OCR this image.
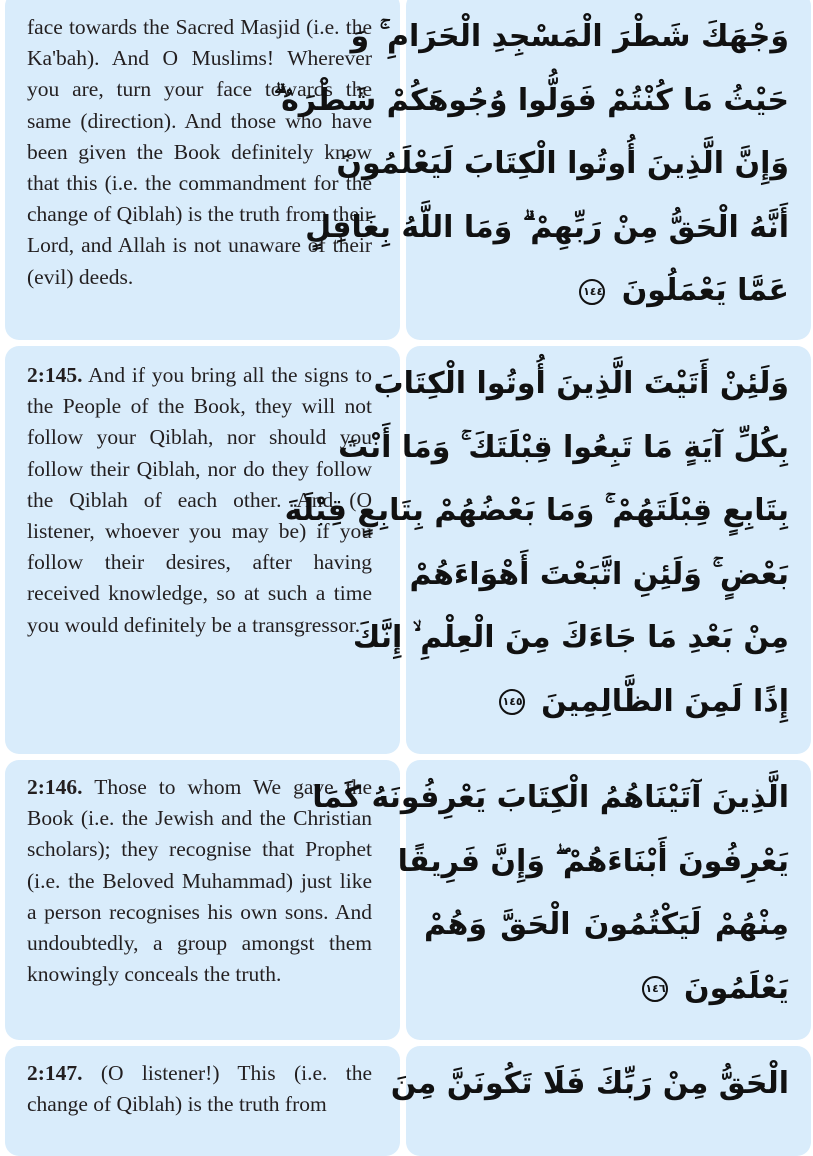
face towards the Sacred Masjid (i.e. the Ka'bah). And O Muslims! Wherever you are, turn your face towards the same (direction). And those who have been given the Book definitely know that this (i.e. the commandment for the change of Qiblah) is the truth from their Lord, and Allah is not unaware of their (evil) deeds.
وَجْهَكَ شَطْرَ الْمَسْجِدِ الْحَرَامِ ۚ وَ
حَيْثُ مَا كُنْتُمْ فَوَلُّوا وُجُوهَكُمْ شَطْرَهُ ۗ
وَإِنَّ الَّذِينَ أُوتُوا الْكِتَابَ لَيَعْلَمُونَ
أَنَّهُ الْحَقُّ مِنْ رَبِّهِمْ ۗ وَمَا اللَّهُ بِغَافِلٍ
عَمَّا يَعْمَلُونَ ١٤٤
2:145. And if you bring all the signs to the People of the Book, they will not follow your Qiblah, nor should you follow their Qiblah, nor do they follow the Qiblah of each other. And (O listener, whoever you may be) if you follow their desires, after having received knowledge, so at such a time you would definitely be a transgressor.
وَلَئِنْ أَتَيْتَ الَّذِينَ أُوتُوا الْكِتَابَ
بِكُلِّ آيَةٍ مَا تَبِعُوا قِبْلَتَكَ ۚ وَمَا أَنْتَ
بِتَابِعٍ قِبْلَتَهُمْ ۚ وَمَا بَعْضُهُمْ بِتَابِعٍ قِبْلَةَ
بَعْضٍ ۚ وَلَئِنِ اتَّبَعْتَ أَهْوَاءَهُمْ
مِنْ بَعْدِ مَا جَاءَكَ مِنَ الْعِلْمِ ۙ إِنَّكَ
إِذًا لَمِنَ الظَّالِمِينَ ١٤٥
2:146. Those to whom We gave the Book (i.e. the Jewish and the Christian scholars); they recognise that Prophet (i.e. the Beloved Muhammad) just like a person recognises his own sons. And undoubtedly, a group amongst them knowingly conceals the truth.
الَّذِينَ آتَيْنَاهُمُ الْكِتَابَ يَعْرِفُونَهُ كَمَا
يَعْرِفُونَ أَبْنَاءَهُمْ ۖ وَإِنَّ فَرِيقًا
مِنْهُمْ لَيَكْتُمُونَ الْحَقَّ وَهُمْ
يَعْلَمُونَ ١٤٦
2:147. (O listener!) This (i.e. the change of Qiblah) is the truth from
الْحَقُّ مِنْ رَبِّكَ فَلَا تَكُونَنَّ مِنَ
